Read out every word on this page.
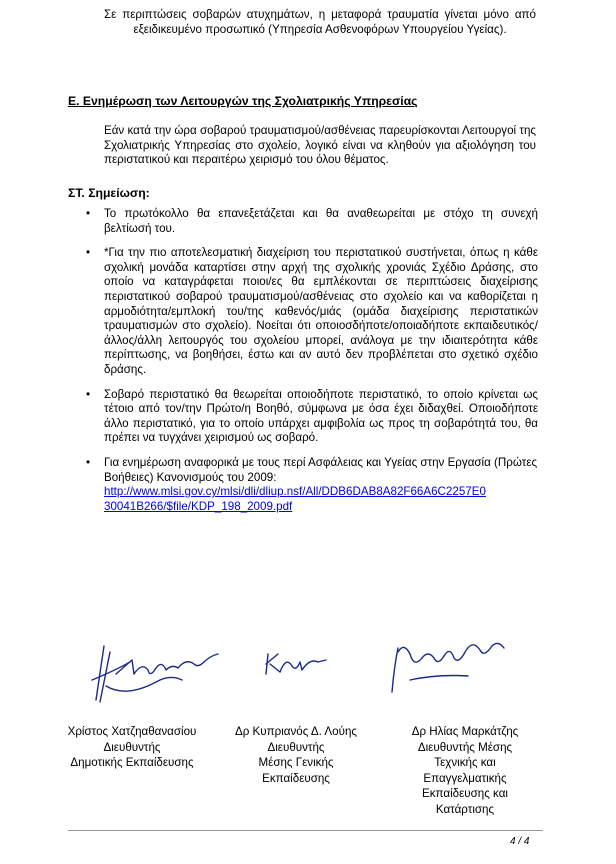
Σε περιπτώσεις σοβαρών ατυχημάτων, η μεταφορά τραυματία γίνεται μόνο από εξειδικευμένο προσωπικό (Υπηρεσία Ασθενοφόρων Υπουργείου Υγείας).

Ε. Ενημέρωση των Λειτουργών της Σχολιατρικής Υπηρεσίας

Εάν κατά την ώρα σοβαρού τραυματισμού/ασθένειας παρευρίσκονται Λειτουργοί της Σχολιατρικής Υπηρεσίας στο σχολείο, λογικό είναι να κληθούν για αξιολόγηση του περιστατικού και περαιτέρω χειρισμό του όλου θέματος.

ΣΤ. Σημείωση:
• Το πρωτόκολλο θα επανεξετάζεται και θα αναθεωρείται με στόχο τη συνεχή βελτίωσή του.
• *Για την πιο αποτελεσματική διαχείριση του περιστατικού συστήνεται, όπως η κάθε σχολική μονάδα καταρτίσει στην αρχή της σχολικής χρονιάς Σχέδιο Δράσης, στο οποίο να καταγράφεται ποιοι/ες θα εμπλέκονται σε περιπτώσεις διαχείρισης περιστατικού σοβαρού τραυματισμού/ασθένειας στο σχολείο και να καθορίζεται η αρμοδιότητα/εμπλοκή του/της καθενός/μιάς (ομάδα διαχείρισης περιστατικών τραυματισμών στο σχολείο). Νοείται ότι οποιοσδήποτε/οποιαδήποτε εκπαιδευτικός/άλλος/άλλη λειτουργός του σχολείου μπορεί, ανάλογα με την ιδιαιτερότητα κάθε περίπτωσης, να βοηθήσει, έστω και αν αυτό δεν προβλέπεται στο σχετικό σχέδιο δράσης.
• Σοβαρό περιστατικό θα θεωρείται οποιοδήποτε περιστατικό, το οποίο κρίνεται ως τέτοιο από τον/την Πρώτο/η Βοηθό, σύμφωνα με όσα έχει διδαχθεί. Οποιοδήποτε άλλο περιστατικό, για το οποίο υπάρχει αμφιβολία ως προς τη σοβαρότητά του, θα πρέπει να τυγχάνει χειρισμού ως σοβαρό.
• Για ενημέρωση αναφορικά με τους περί Ασφάλειας και Υγείας στην Εργασία (Πρώτες Βοήθειες) Κανονισμούς του 2009:
http://www.mlsi.gov.cy/mlsi/dli/dliup.nsf/All/DDB6DAB8A82F66A6C2257E0
30041B266/$file/KDP_198_2009.pdf
Χρίστος Χατζηαθανασίου
Διευθυντής
Δημοτικής Εκπαίδευσης
Δρ Κυπριανός Δ. Λούης
Διευθυντής
Μέσης Γενικής
Εκπαίδευσης
Δρ Ηλίας Μαρκάτζης
Διευθυντής Μέσης
Τεχνικής και
Επαγγελματικής
Εκπαίδευσης και
Κατάρτισης
4 / 4
